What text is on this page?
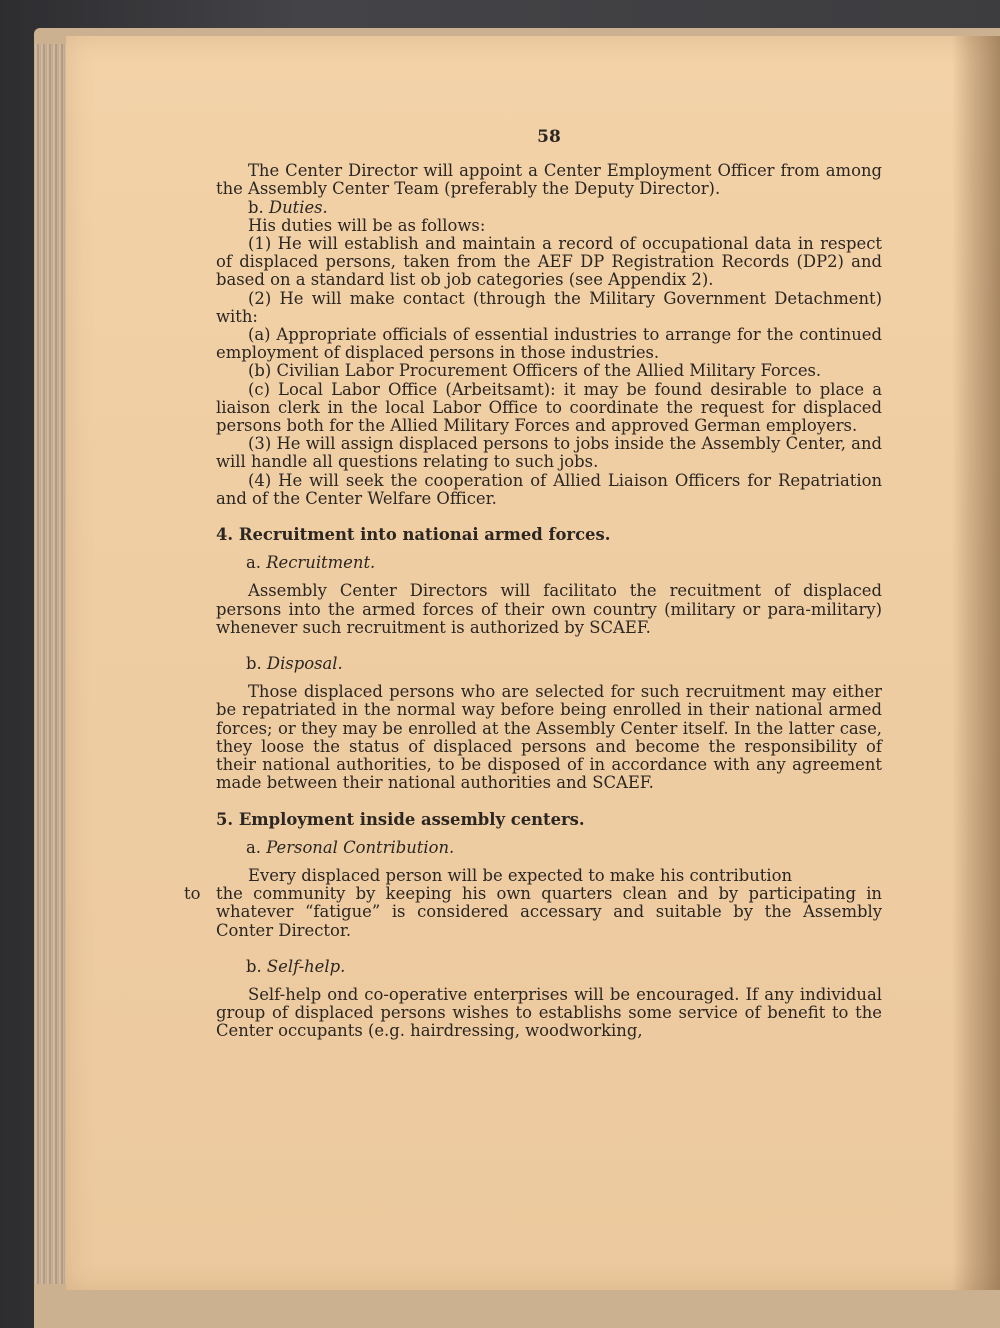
58

The Center Director will appoint a Center Employment Officer from among the Assembly Center Team (preferably the Deputy Director).

b. Duties.

His duties will be as follows:

(1) He will establish and maintain a record of occupational data in respect of displaced persons, taken from the AEF DP Registration Records (DP2) and based on a standard list ob job categories (see Appendix 2).

(2) He will make contact (through the Military Government Detachment) with:

(a) Appropriate officials of essential industries to arrange for the continued employment of displaced persons in those industries.

(b) Civilian Labor Procurement Officers of the Allied Military Forces.

(c) Local Labor Office (Arbeitsamt): it may be found desirable to place a liaison clerk in the local Labor Office to coordinate the request for displaced persons both for the Allied Military Forces and approved German employers.

(3) He will assign displaced persons to jobs inside the Assembly Center, and will handle all questions relating to such jobs.

(4) He will seek the cooperation of Allied Liaison Officers for Repatriation and of the Center Welfare Officer.

4. Recruitment into nationai armed forces.

a. Recruitment.

Assembly Center Directors will facilitato the recuitment of displaced persons into the armed forces of their own country (military or para-military) whenever such recruitment is authorized by SCAEF.

b. Disposal.

Those displaced persons who are selected for such recruitment may either be repatriated in the normal way before being enrolled in their national armed forces; or they may be enrolled at the Assembly Center itself. In the latter case, they loose the status of displaced persons and become the responsibility of their national authorities, to be disposed of in accordance with any agreement made between their national authorities and SCAEF.

5. Employment inside assembly centers.

a. Personal Contribution.

Every displaced person will be expected to make his contribution

to the community by keeping his own quarters clean and by participating in whatever “fatigue” is considered accessary and suitable by the Assembly Conter Director.

b. Self-help.

Self-help ond co-operative enterprises will be encouraged. If any individual group of displaced persons wishes to establishs some service of benefit to the Center occupants (e.g. hairdressing, woodworking,
